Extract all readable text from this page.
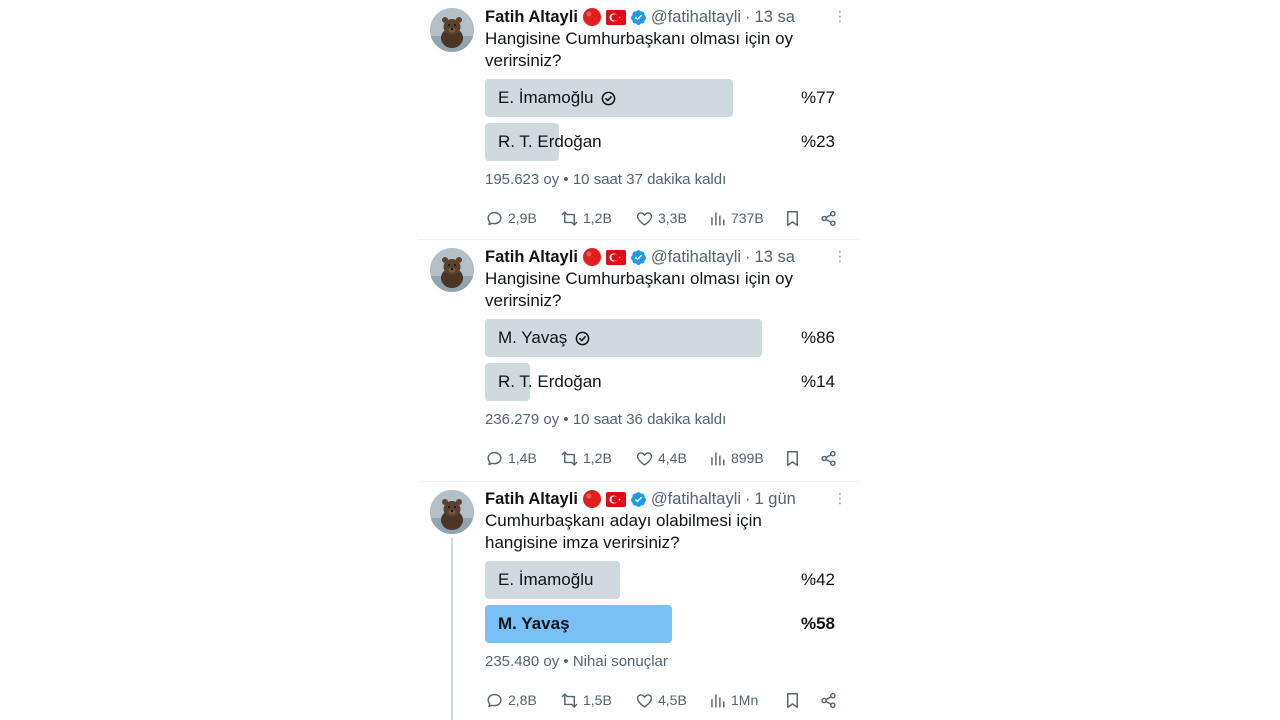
Fatih Altayli	@fatihaltayli · 13 sa	⋮
Hangisine Cumhurbaşkanı olması için oy
verirsiniz?
E. İmamoğlu	%77
R. T. Erdoğan	%23
195.623 oy • 10 saat 37 dakika kaldı
2,9B	1,2B	3,3B	737B
Fatih Altayli	@fatihaltayli · 13 sa	⋮
Hangisine Cumhurbaşkanı olması için oy
verirsiniz?
M. Yavaş	%86
R. T. Erdoğan	%14
236.279 oy • 10 saat 36 dakika kaldı
1,4B	1,2B	4,4B	899B
Fatih Altayli	@fatihaltayli · 1 gün	⋮
Cumhurbaşkanı adayı olabilmesi için
hangisine imza verirsiniz?
E. İmamoğlu	%42
M. Yavaş	%58
235.480 oy • Nihai sonuçlar
2,8B	1,5B	4,5B	1Mn
